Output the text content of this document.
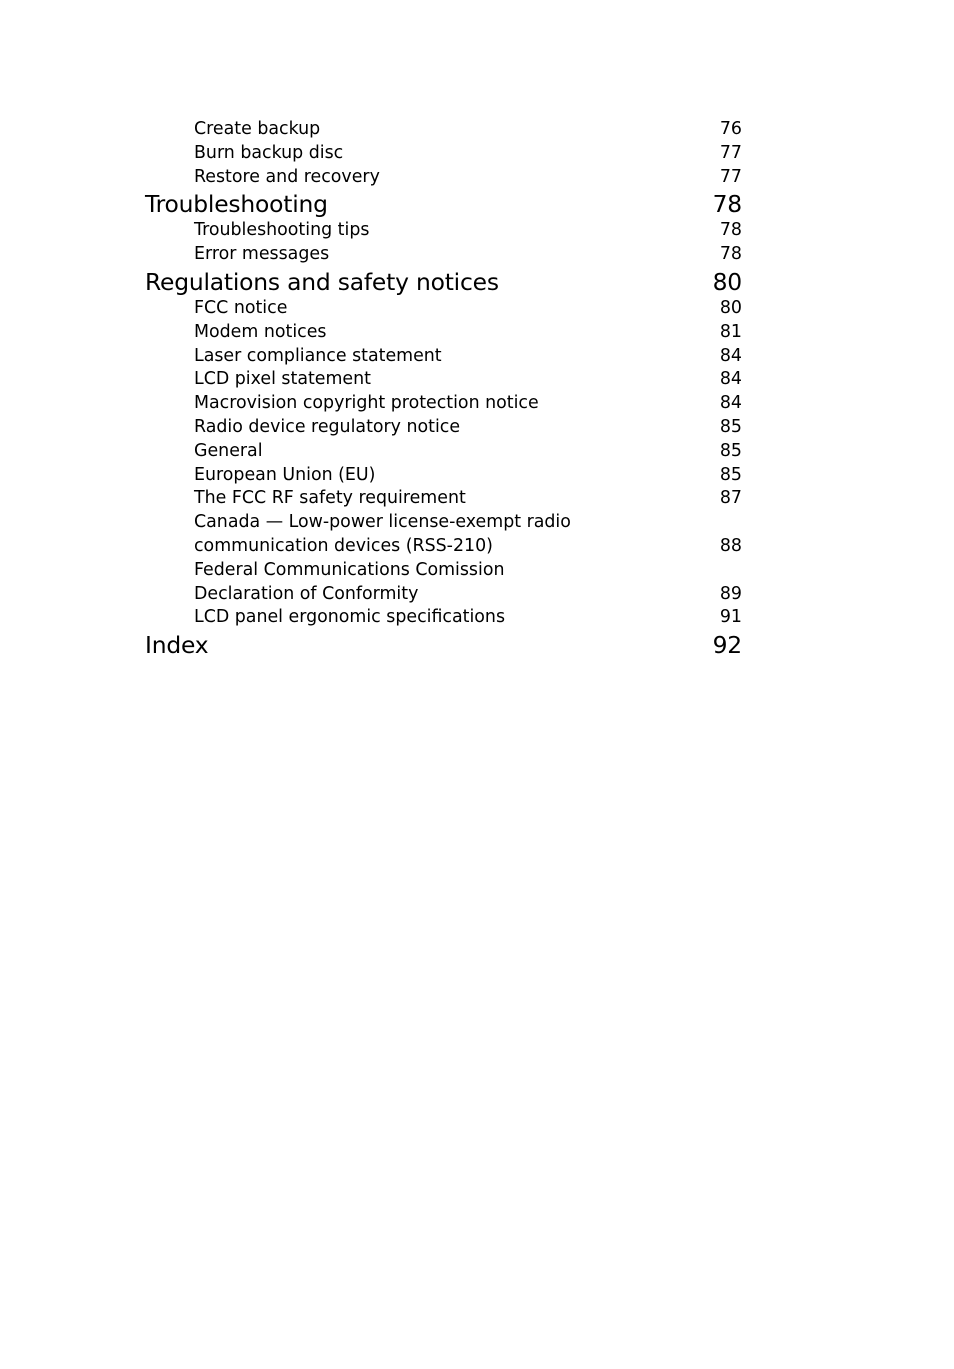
Create backup	76
Burn backup disc	77
Restore and recovery	77
Troubleshooting	78
Troubleshooting tips	78
Error messages	78
Regulations and safety notices	80
FCC notice	80
Modem notices	81
Laser compliance statement	84
LCD pixel statement	84
Macrovision copyright protection notice	84
Radio device regulatory notice	85
General	85
European Union (EU)	85
The FCC RF safety requirement	87
Canada — Low-power license-exempt radio
communication devices (RSS-210)	88
Federal Communications Comission
Declaration of Conformity	89
LCD panel ergonomic specifications	91
Index	92
